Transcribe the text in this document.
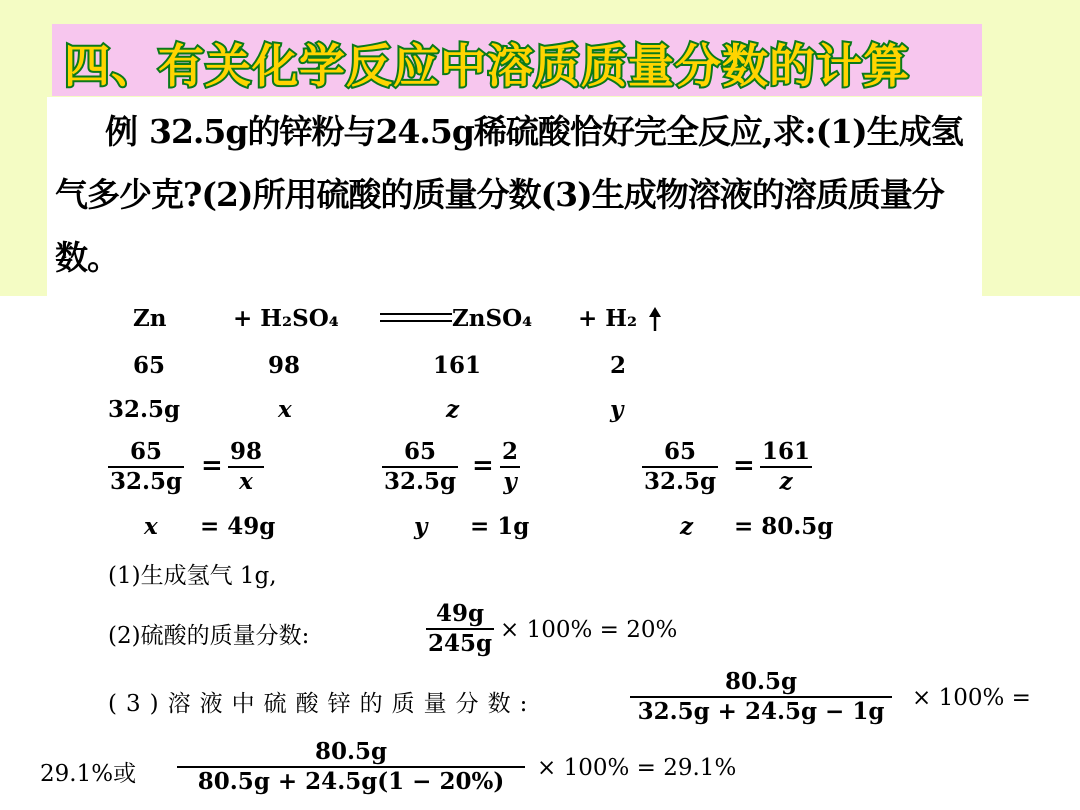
四、有关化学反应中溶质质量分数的计算
例 32.5g的锌粉与24.5g稀硫酸恰好完全反应,求:(1)生成氢气多少克?(2)所用硫酸的质量分数(3)生成物溶液的溶质质量分数。
Zn	+ H₂SO₄	ZnSO₄ + H₂
65	98	161	2
32.5g	x	z	y
$\frac{65}{32.5g} = \frac{98}{x}$	$\frac{65}{32.5g} = \frac{2}{y}$	$\frac{65}{32.5g} = \frac{161}{z}$
x = 49g	y = 1g	z = 80.5g
(1)生成氢气 1g,
(2)硫酸的质量分数:	$\frac{49g}{245g} \times 100\% = 20\%$
(3)溶液中硫酸锌的质量分数:	$\frac{80.5g}{32.5g + 24.5g - 1g} \times 100\%$ =
29.1%或 $\frac{80.5g}{80.5g + 24.5g(1 - 20\%)} \times 100\% = 29.1\%$
